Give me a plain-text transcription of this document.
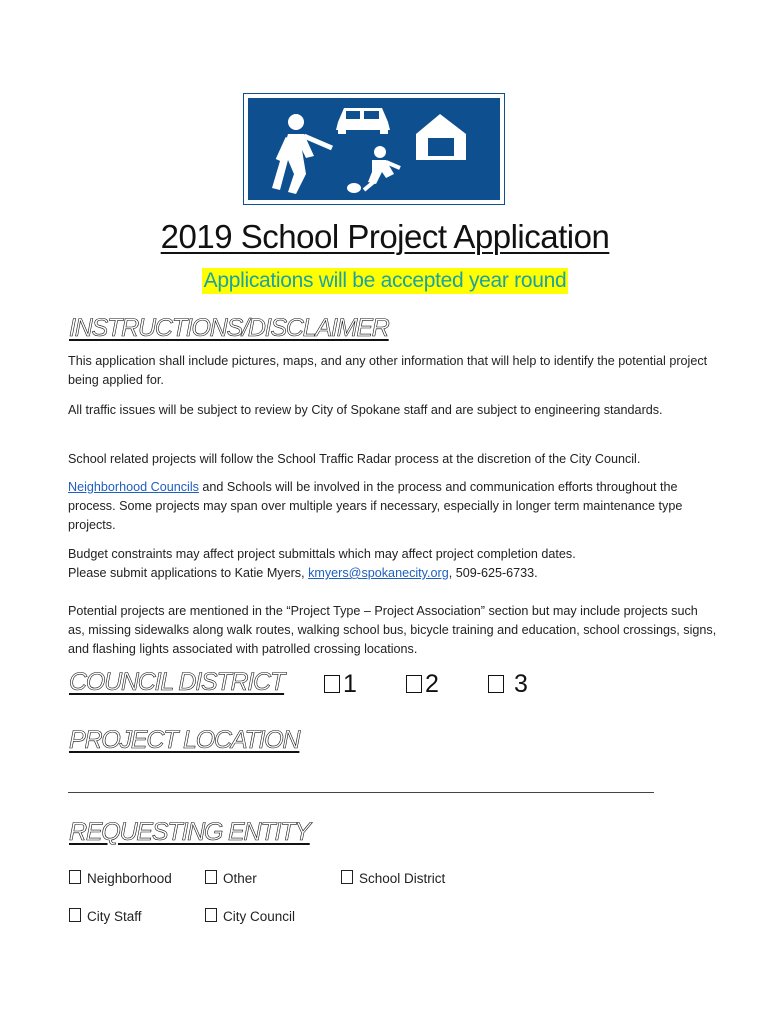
2019 School Project Application
Applications will be accepted year round
INSTRUCTIONS/DISCLAIMER
This application shall include pictures, maps, and any other information that will help to identify the potential project being applied for.
All traffic issues will be subject to review by City of Spokane staff and are subject to engineering standards.
School related projects will follow the School Traffic Radar process at the discretion of the City Council.
Neighborhood Councils and Schools will be involved in the process and communication efforts throughout the process. Some projects may span over multiple years if necessary, especially in longer term maintenance type projects.
Budget constraints may affect project submittals which may affect project completion dates.
Please submit applications to Katie Myers, kmyers@spokanecity.org, 509-625-6733.
Potential projects are mentioned in the “Project Type – Project Association” section but may include projects such as, missing sidewalks along walk routes, walking school bus, bicycle training and education, school crossings, signs, and flashing lights associated with patrolled crossing locations.
COUNCIL DISTRICT	1	2	3
PROJECT LOCATION
REQUESTING ENTITY
Neighborhood	Other	School District
City Staff	City Council
